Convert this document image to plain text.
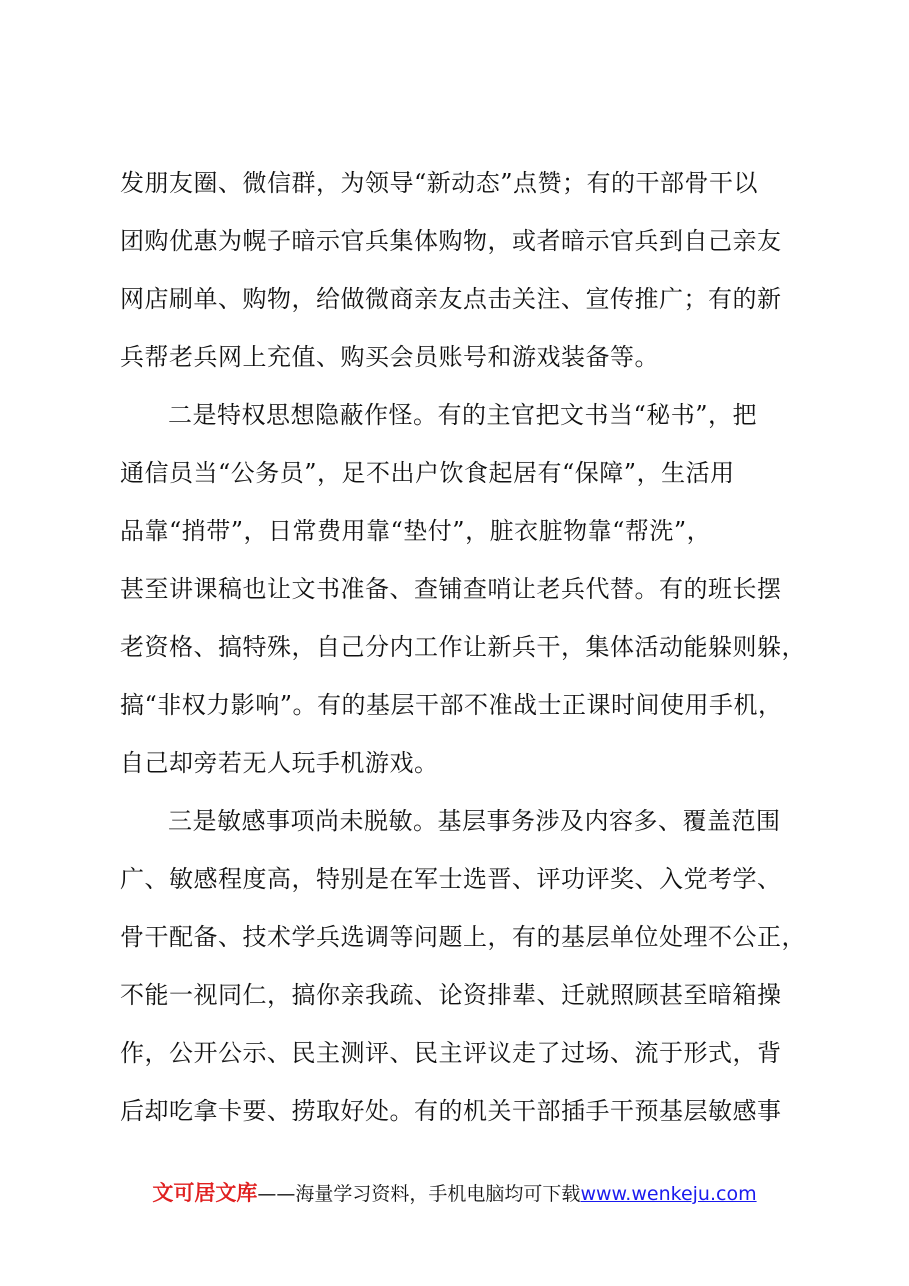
发朋友圈、微信群，为领导“新动态”点赞；有的干部骨干以
团购优惠为幌子暗示官兵集体购物，或者暗示官兵到自己亲友
网店刷单、购物，给做微商亲友点击关注、宣传推广；有的新
兵帮老兵网上充值、购买会员账号和游戏装备等。

二是特权思想隐蔽作怪。有的主官把文书当“秘书”，把
通信员当“公务员”，足不出户饮食起居有“保障”，生活用
品靠“捎带”，日常费用靠“垫付”，脏衣脏物靠“帮洗”，
甚至讲课稿也让文书准备、查铺查哨让老兵代替。有的班长摆
老资格、搞特殊，自己分内工作让新兵干，集体活动能躲则躲，
搞“非权力影响”。有的基层干部不准战士正课时间使用手机，
自己却旁若无人玩手机游戏。

三是敏感事项尚未脱敏。基层事务涉及内容多、覆盖范围
广、敏感程度高，特别是在军士选晋、评功评奖、入党考学、
骨干配备、技术学兵选调等问题上，有的基层单位处理不公正，
不能一视同仁，搞你亲我疏、论资排辈、迁就照顾甚至暗箱操
作，公开公示、民主测评、民主评议走了过场、流于形式，背
后却吃拿卡要、捞取好处。有的机关干部插手干预基层敏感事

文可居文库——海量学习资料，手机电脑均可下载www.wenkeju.com
